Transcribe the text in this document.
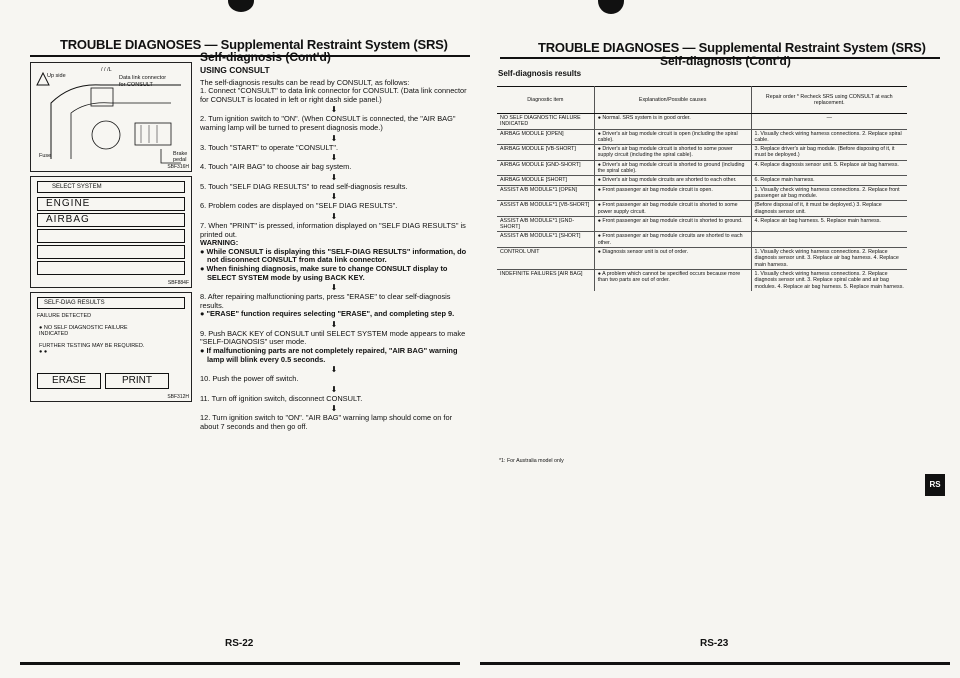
TROUBLE DIAGNOSES — Supplemental Restraint System (SRS)
Self-diagnosis (Cont'd)
Up side
/ / /L
Data link connector
for CONSULT
Brake pedal
Fuse
SBF316H
SELECT SYSTEM
ENGINE
AIRBAG
SBF884F
SELF-DIAG RESULTS
FAILURE DETECTED
● NO SELF DIAGNOSTIC FAILURE INDICATED
FURTHER TESTING MAY BE REQUIRED. ● ●
ERASE	PRINT
SBF312H
USING CONSULT

The self-diagnosis results can be read by CONSULT, as follows:

1. Connect "CONSULT" to data link connector for CONSULT. (Data link connector for CONSULT is located in left or right dash side panel.)

⬇

2. Turn ignition switch to "ON". (When CONSULT is connected, the "AIR BAG" warning lamp will be turned to present diagnosis mode.)

⬇

3. Touch "START" to operate "CONSULT".

⬇

4. Touch "AIR BAG" to choose air bag system.

⬇

5. Touch "SELF DIAG RESULTS" to read self-diagnosis results.

⬇

6. Problem codes are displayed on "SELF DIAG RESULTS".

⬇

7. When "PRINT" is pressed, information displayed on "SELF DIAG RESULTS" is printed out.

WARNING:

● While CONSULT is displaying this "SELF-DIAG RESULTS" information, do not disconnect CONSULT from data link connector.

● When finishing diagnosis, make sure to change CONSULT display to SELECT SYSTEM mode by using BACK KEY.

⬇

8. After repairing malfunctioning parts, press "ERASE" to clear self-diagnosis results.

● "ERASE" function requires selecting "ERASE", and completing step 9.

⬇

9. Push BACK KEY of CONSULT until SELECT SYSTEM mode appears to make "SELF-DIAGNOSIS" user mode.

● If malfunctioning parts are not completely repaired, "AIR BAG" warning lamp will blink every 0.5 seconds.

⬇

10. Push the power off switch.

⬇

11. Turn off ignition switch, disconnect CONSULT.

⬇

12. Turn ignition switch to "ON". "AIR BAG" warning lamp should come on for about 7 seconds and then go off.

RS-22
TROUBLE DIAGNOSES — Supplemental Restraint System (SRS)
Self-diagnosis (Cont'd)
Self-diagnosis results
RS
RS-23
Diagnostic item	Explanation/Possible causes	Repair order * Recheck SRS using CONSULT at each replacement.
NO SELF DIAGNOSTIC FAILURE INDICATED	● Normal. SRS system is in good order.	—
AIRBAG MODULE [OPEN]	● Driver's air bag module circuit is open (including the spiral cable).	1. Visually check wiring harness connections. 2. Replace spiral cable.
AIRBAG MODULE [VB-SHORT]	● Driver's air bag module circuit is shorted to some power supply circuit (including the spiral cable).	3. Replace driver's air bag module. (Before disposing of it, it must be deployed.)
AIRBAG MODULE [GND-SHORT]	● Driver's air bag module circuit is shorted to ground (including the spiral cable).	4. Replace diagnosis sensor unit. 5. Replace air bag harness.
AIRBAG MODULE [SHORT]	● Driver's air bag module circuits are shorted to each other.	6. Replace main harness.
ASSIST A/B MODULE*1 [OPEN]	● Front passenger air bag module circuit is open.	1. Visually check wiring harness connections. 2. Replace front passenger air bag module.
ASSIST A/B MODULE*1 [VB-SHORT]	● Front passenger air bag module circuit is shorted to some power supply circuit.	(Before disposal of it, it must be deployed.) 3. Replace diagnosis sensor unit.
ASSIST A/B MODULE*1 [GND-SHORT]	● Front passenger air bag module circuit is shorted to ground.	4. Replace air bag harness. 5. Replace main harness.
ASSIST A/B MODULE*1 [SHORT]	● Front passenger air bag module circuits are shorted to each other.	
CONTROL UNIT	● Diagnosis sensor unit is out of order.	1. Visually check wiring harness connections. 2. Replace diagnosis sensor unit. 3. Replace air bag harness. 4. Replace main harness.
INDEFINITE FAILURES [AIR BAG]	● A problem which cannot be specified occurs because more than two parts are out of order.	1. Visually check wiring harness connections. 2. Replace diagnosis sensor unit. 3. Replace spiral cable and air bag modules. 4. Replace air bag harness. 5. Replace main harness.
*1: For Australia model only
